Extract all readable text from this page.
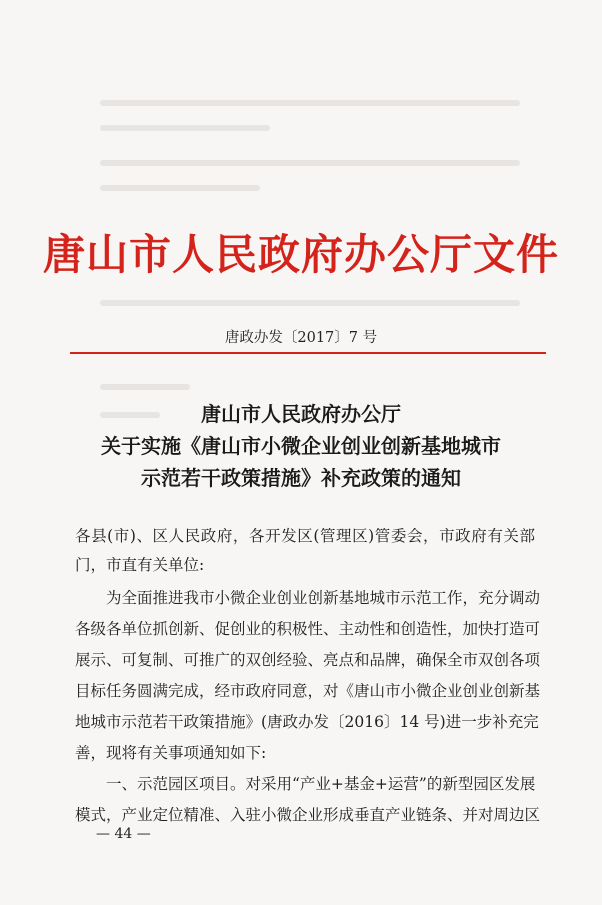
唐山市人民政府办公厅文件
唐政办发〔2017〕7 号
唐山市人民政府办公厅
关于实施《唐山市小微企业创业创新基地城市
示范若干政策措施》补充政策的通知
各县(市)、区人民政府，各开发区(管理区)管委会，市政府有关部
门，市直有关单位:
　　为全面推进我市小微企业创业创新基地城市示范工作，充分调动
各级各单位抓创新、促创业的积极性、主动性和创造性，加快打造可
展示、可复制、可推广的双创经验、亮点和品牌，确保全市双创各项
目标任务圆满完成，经市政府同意，对《唐山市小微企业创业创新基
地城市示范若干政策措施》(唐政办发〔2016〕14 号)进一步补充完
善，现将有关事项通知如下:
　　一、示范园区项目。对采用“产业+基金+运营”的新型园区发展
模式，产业定位精准、入驻小微企业形成垂直产业链条、并对周边区
— 44 —
